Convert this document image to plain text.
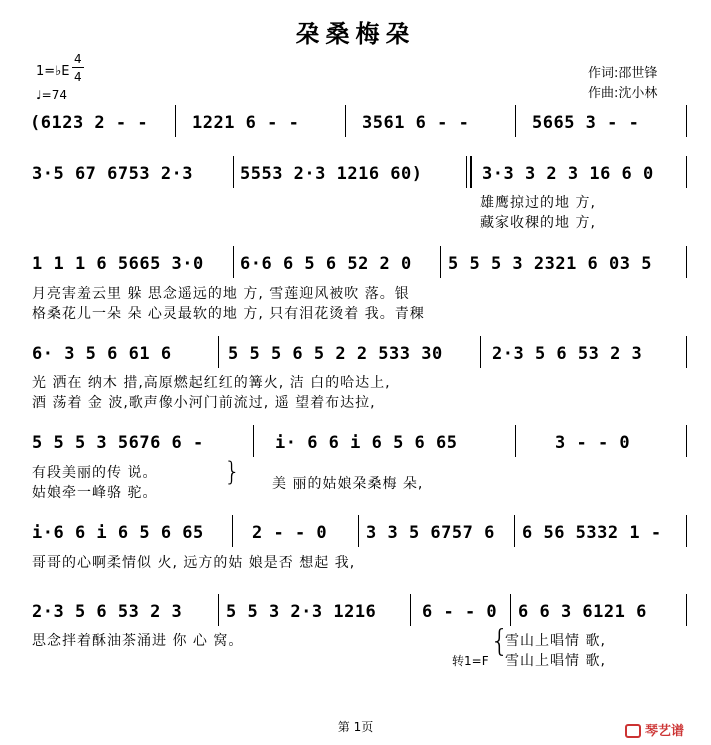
朶桑梅朶
1=♭E
4
4
♩=74
作词:邵世锋
作曲:沈小林
(6123 2 - -	1221 6 - -	3561 6 - -	5665 3 - -
3·5 67 6753 2·3	5553 2·3 1216 60)	3·3 3 2 3 16 6 0
雄鹰掠过的地 方,
藏家收稞的地 方,
1 1 1 6 5665 3·0 6·6 6 5 6 52 2 0 5 5 5 3 2321 6 03 5
月亮害羞云里 躲 思念遥远的地 方, 雪莲迎风被吹 落。银
格桑花儿一朵 朵 心灵最软的地 方, 只有泪花烫着 我。青稞
6· 3 5 6 61 6	5 5 5 6 5 2 2 533 30	2·3 5 6 53 2 3
光 洒在 纳木 措,高原燃起红红的篝火, 洁 白的哈达上,
酒 荡着 金 波,歌声像小河门前流过, 遥 望着布达拉,
5 5 5 3 5676 6 -	i· 6 6 i 6 5 6 65	3 - - 0
有段美丽的传 说。
姑娘牵一峰骆 驼。
} 美 丽的姑娘朶桑梅 朵,
i·6 6 i 6 5 6 65	2 - - 0 3 3 5 6757 6 6 56 5332 1 -
哥哥的心啊柔情似 火, 远方的姑 娘是否 想起 我,
2·3 5 6 53 2 3	5 5 3 2·3 1216	6 - - 0 6 6 3 6121 6
思念拌着酥油茶涌进 你 心 窝。	{
雪山上唱情 歌,
雪山上唱情 歌,
转1=F
第 1页	琴艺谱
